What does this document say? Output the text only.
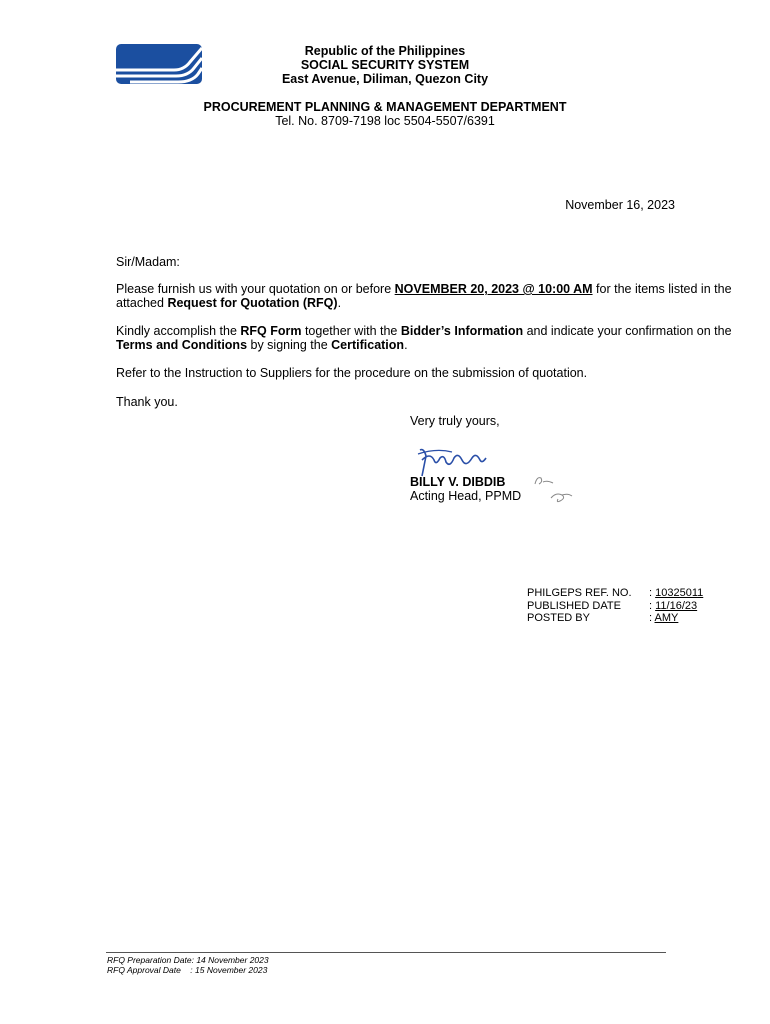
Republic of the Philippines
SOCIAL SECURITY SYSTEM
East Avenue, Diliman, Quezon City
PROCUREMENT PLANNING & MANAGEMENT DEPARTMENT
Tel. No. 8709-7198 loc 5504-5507/6391
November 16, 2023
Sir/Madam:
Please furnish us with your quotation on or before NOVEMBER 20, 2023 @ 10:00 AM for the items listed in the attached Request for Quotation (RFQ).
Kindly accomplish the RFQ Form together with the Bidder’s Information and indicate your confirmation on the Terms and Conditions by signing the Certification.
Refer to the Instruction to Suppliers for the procedure on the submission of quotation.
Thank you.
Very truly yours,
BILLY V. DIBDIB
Acting Head, PPMD
PHILGEPS REF. NO. : 10325011
PUBLISHED DATE	: 11/16/23
POSTED BY	: AMY
RFQ Preparation Date: 14 November 2023
RFQ Approval Date    : 15 November 2023
